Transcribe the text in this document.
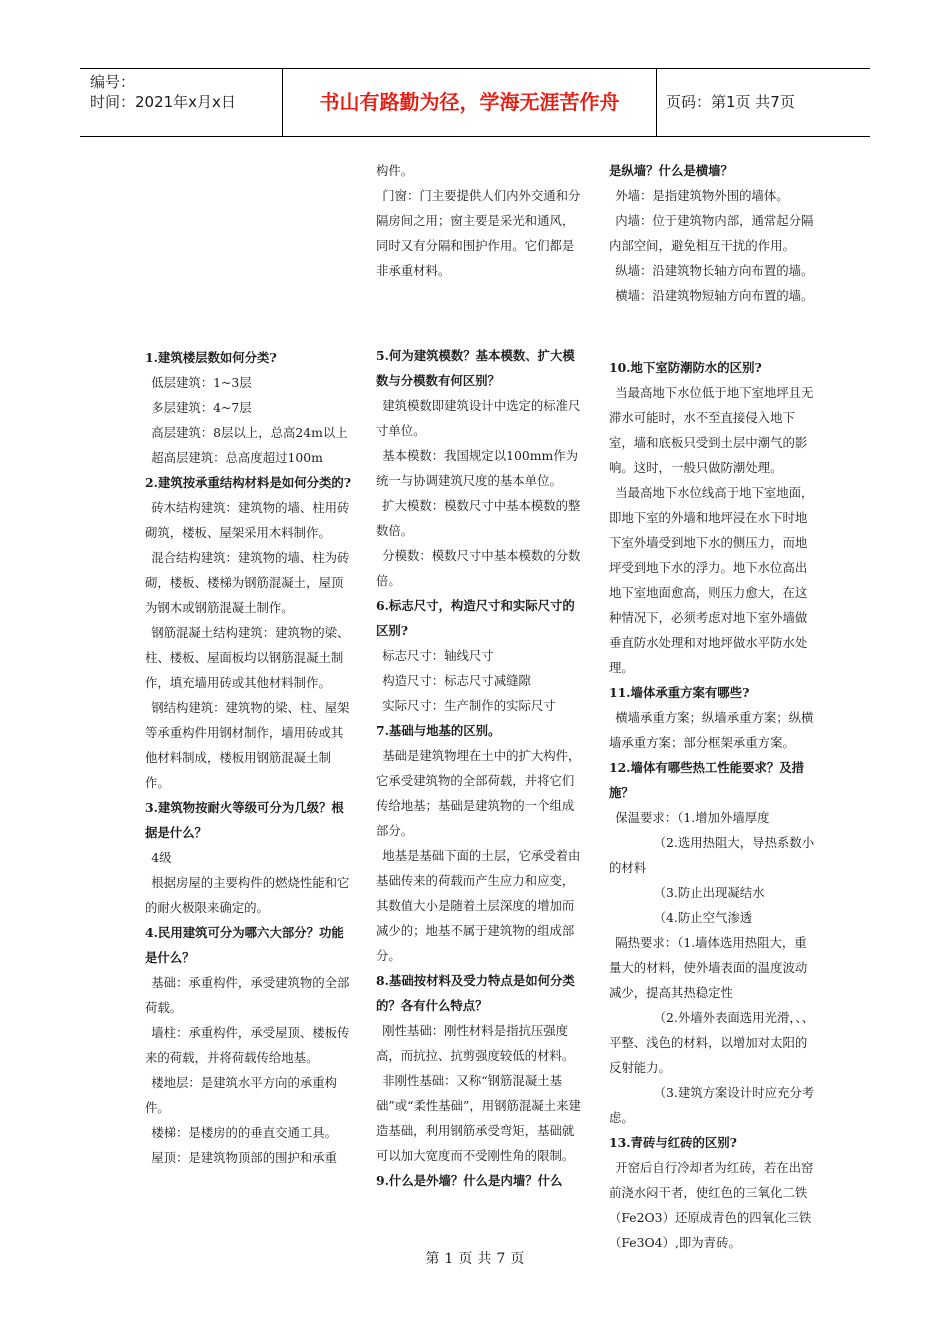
编号：
时间：2021年x月x日	书山有路勤为径，学海无涯苦作舟	页码：第1页 共7页

1.建筑楼层数如何分类?

低层建筑：1~3层

多层建筑：4~7层

高层建筑：8层以上，总高24m以上

超高层建筑：总高度超过100m

2.建筑按承重结构材料是如何分类的?

砖木结构建筑：建筑物的墙、柱用砖砌筑，楼板、屋架采用木料制作。

混合结构建筑：建筑物的墙、柱为砖砌，楼板、楼梯为钢筋混凝土，屋顶为钢木或钢筋混凝土制作。

钢筋混凝土结构建筑：建筑物的梁、柱、楼板、屋面板均以钢筋混凝土制作，填充墙用砖或其他材料制作。

钢结构建筑：建筑物的梁、柱、屋架等承重构件用钢材制作，墙用砖或其他材料制成，楼板用钢筋混凝土制作。

3.建筑物按耐火等级可分为几级？根据是什么？

4级

根据房屋的主要构件的燃烧性能和它的耐火极限来确定的。

4.民用建筑可分为哪六大部分？功能是什么？

基础：承重构件，承受建筑物的全部荷载。

墙柱：承重构件，承受屋顶、楼板传来的荷载，并将荷载传给地基。

楼地层：是建筑水平方向的承重构件。

楼梯：是楼房的的垂直交通工具。

屋顶：是建筑物顶部的围护和承重

构件。

门窗：门主要提供人们内外交通和分隔房间之用；窗主要是采光和通风，同时又有分隔和围护作用。它们都是非承重材料。

5.何为建筑模数？基本模数、扩大模数与分模数有何区别？

建筑模数即建筑设计中选定的标准尺寸单位。

基本模数：我国规定以100mm作为统一与协调建筑尺度的基本单位。

扩大模数：模数尺寸中基本模数的整数倍。

分模数：模数尺寸中基本模数的分数倍。

6.标志尺寸，构造尺寸和实际尺寸的区别?

标志尺寸：轴线尺寸

构造尺寸：标志尺寸减缝隙

实际尺寸：生产制作的实际尺寸

7.基础与地基的区别。

基础是建筑物埋在土中的扩大构件，它承受建筑物的全部荷载，并将它们传给地基；基础是建筑物的一个组成部分。

地基是基础下面的土层，它承受着由基础传来的荷载而产生应力和应变，其数值大小是随着土层深度的增加而减少的；地基不属于建筑物的组成部分。

8.基础按材料及受力特点是如何分类的？各有什么特点？

刚性基础：刚性材料是指抗压强度高，而抗拉、抗剪强度较低的材料。

非刚性基础：又称“钢筋混凝土基础”或“柔性基础”，用钢筋混凝土来建造基础，利用钢筋承受弯矩，基础就可以加大宽度而不受刚性角的限制。

9.什么是外墙？什么是内墙？什么

是纵墙？什么是横墙？

外墙：是指建筑物外围的墙体。

内墙：位于建筑物内部，通常起分隔内部空间，避免相互干扰的作用。

纵墙：沿建筑物长轴方向布置的墙。

横墙：沿建筑物短轴方向布置的墙。

10.地下室防潮防水的区别?

当最高地下水位低于地下室地坪且无滞水可能时，水不至直接侵入地下室，墙和底板只受到土层中潮气的影响。这时，一般只做防潮处理。

当最高地下水位线高于地下室地面，即地下室的外墙和地坪浸在水下时地下室外墙受到地下水的侧压力，而地坪受到地下水的浮力。地下水位高出地下室地面愈高，则压力愈大，在这种情况下，必须考虑对地下室外墙做垂直防水处理和对地坪做水平防水处理。

11.墙体承重方案有哪些?

横墙承重方案；纵墙承重方案；纵横墙承重方案；部分框架承重方案。

12.墙体有哪些热工性能要求？及措施？

保温要求：（1.增加外墙厚度

（2.选用热阻大，导热系数小的材料

（3.防止出现凝结水

（4.防止空气渗透

隔热要求：（1.墙体选用热阻大，重量大的材料，使外墙表面的温度波动减少，提高其热稳定性

（2.外墙外表面选用光滑，、、平整、浅色的材料，以增加对太阳的反射能力。

（3.建筑方案设计时应充分考虑。

13.青砖与红砖的区别?

开窑后自行冷却者为红砖，若在出窑前浇水闷干者，使红色的三氧化二铁（Fe2O3）还原成青色的四氧化三铁（Fe3O4）,即为青砖。

第 1 页 共 7 页
